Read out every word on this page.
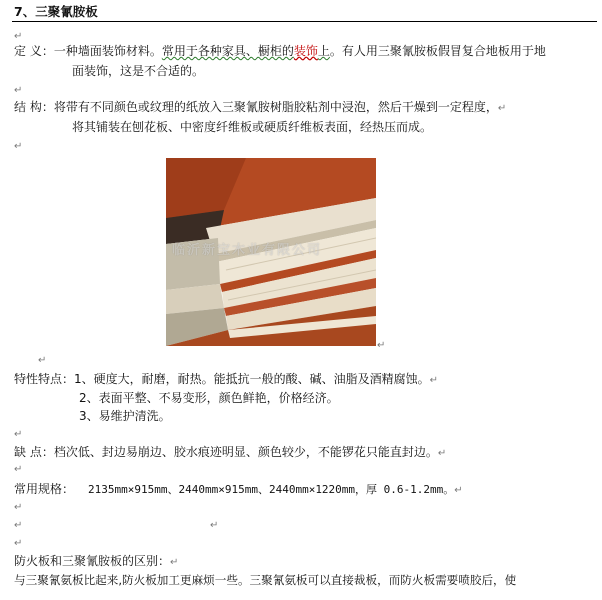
7、三聚氰胺板
↵
定 义：一种墙面装饰材料。常用于各种家具、橱柜的装饰上。有人用三聚氰胺板假冒复合地板用于地
面装饰，这是不合适的。
↵
结 构：将带有不同颜色或纹理的纸放入三聚氰胺树脂胶粘剂中浸泡，然后干燥到一定程度，↵
将其铺装在刨花板、中密度纤维板或硬质纤维板表面，经热压而成。
↵
临沂新宝木业有限公司
↵
↵
特性特点：1、硬度大，耐磨，耐热。能抵抗一般的酸、碱、油脂及酒精腐蚀。↵
2、表面平整、不易变形，颜色鲜艳，价格经济。
3、易维护清洗。
↵
缺 点：档次低、封边易崩边、胶水痕迹明显、颜色较少，不能锣花只能直封边。↵
↵
常用规格： 2135mm×915mm、2440mm×915mm、2440mm×1220mm，厚 0.6-1.2mm。↵
↵
↵	↵
↵
防火板和三聚氰胺板的区别：↵
与三聚氰氨板比起来,防火板加工更麻烦一些。三聚氰氨板可以直接裁板，而防火板需要喷胶后，使
